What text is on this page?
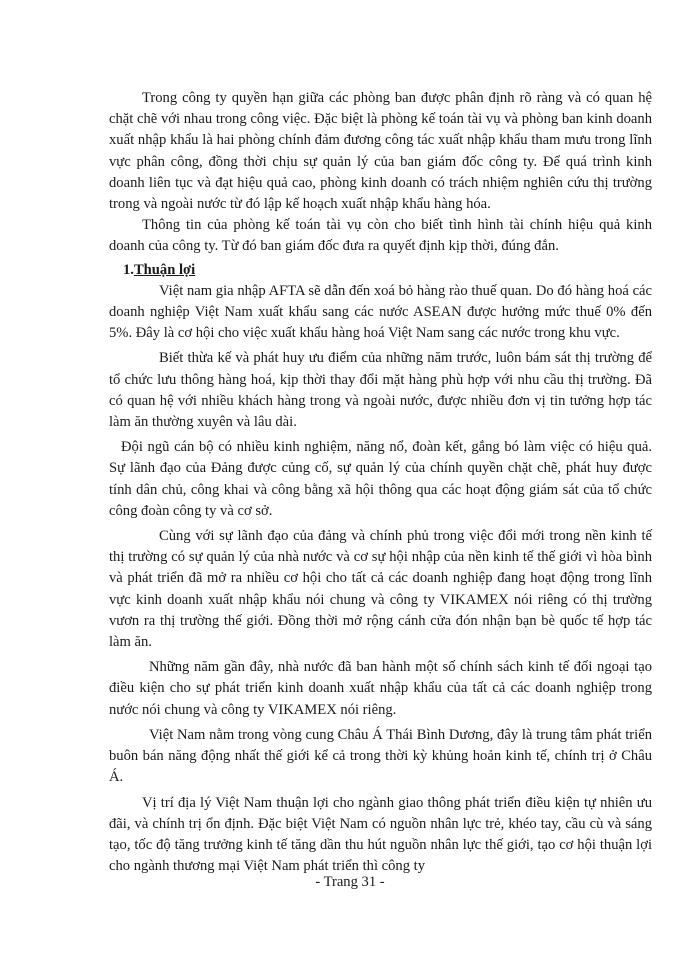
Trong công ty quyền hạn giữa các phòng ban được phân định rõ ràng và có quan hệ chặt chẽ với nhau trong công việc. Đặc biệt là phòng kế toán tài vụ và phòng ban kinh doanh xuất nhập khẩu là hai phòng chính đảm đương công tác xuất nhập khẩu tham mưu trong lĩnh vực phân công, đồng thời chịu sự quản lý của ban giám đốc công ty. Để quá trình kinh doanh liên tục và đạt hiệu quả cao, phòng kinh doanh có trách nhiệm nghiên cứu thị trường trong và ngoài nước từ đó lập kế hoạch xuất nhập khẩu hàng hóa.

Thông tin của phòng kế toán tài vụ còn cho biết tình hình tài chính hiệu quả kinh doanh của công ty. Từ đó ban giám đốc đưa ra quyết định kịp thời, đúng đắn.

1.Thuận lợi

Việt nam gia nhập AFTA sẽ dẫn đến xoá bỏ hàng rào thuế quan. Do đó hàng hoá các doanh nghiệp Việt Nam xuất khẩu sang các nước ASEAN được hưởng mức thuế 0% đến 5%. Đây là cơ hội cho việc xuất khẩu hàng hoá Việt Nam sang các nước trong khu vực.

Biết thừa kế và phát huy ưu điểm của những năm trước, luôn bám sát thị trường để tổ chức lưu thông hàng hoá, kịp thời thay đổi mặt hàng phù hợp với nhu cầu thị trường. Đã có quan hệ với nhiều khách hàng trong và ngoài nước, được nhiều đơn vị tin tưởng hợp tác làm ăn thường xuyên và lâu dài.

Đội ngũ cán bộ có nhiều kinh nghiệm, năng nổ, đoàn kết, gắng bó làm việc có hiệu quả. Sự lãnh đạo của Đảng được củng cố, sự quản lý của chính quyền chặt chẽ, phát huy được tính dân chủ, công khai và công bằng xã hội thông qua các hoạt động giám sát của tổ chức công đoàn công ty và cơ sở.

Cùng với sự lãnh đạo của đảng và chính phủ trong việc đổi mới trong nền kinh tế thị trường có sự quản lý của nhà nước và cơ sự hội nhập của nền kinh tế thế giới vì hòa bình và phát triển đã mở ra nhiều cơ hội cho tất cả các doanh nghiệp đang hoạt động trong lĩnh vực kinh doanh xuất nhập khẩu nói chung và công ty VIKAMEX nói riêng có thị trường vươn ra thị trường thế giới. Đồng thời mở rộng cánh cửa đón nhận bạn bè quốc tế hợp tác làm ăn.

Những năm gần đây, nhà nước đã ban hành một số chính sách kinh tế đối ngoại tạo điều kiện cho sự phát triển kinh doanh xuất nhập khẩu của tất cả các doanh nghiệp trong nước nói chung và công ty VIKAMEX nói riêng.

Việt Nam nằm trong vòng cung Châu Á Thái Bình Dương, đây là trung tâm phát triển buôn bán năng động nhất thế giới kể cả trong thời kỳ khủng hoản kinh tế, chính trị ở Châu Á.

Vị trí địa lý Việt Nam thuận lợi cho ngành giao thông phát triển điều kiện tự nhiên ưu đãi, và chính trị ổn định. Đặc biệt Việt Nam có nguồn nhân lực trẻ, khéo tay, cầu cù và sáng tạo, tốc độ tăng trưởng kinh tế tăng dần thu hút nguồn nhân lực thế giới, tạo cơ hội thuận lợi cho ngành thương mại Việt Nam phát triển thì công ty

- Trang 31 -
